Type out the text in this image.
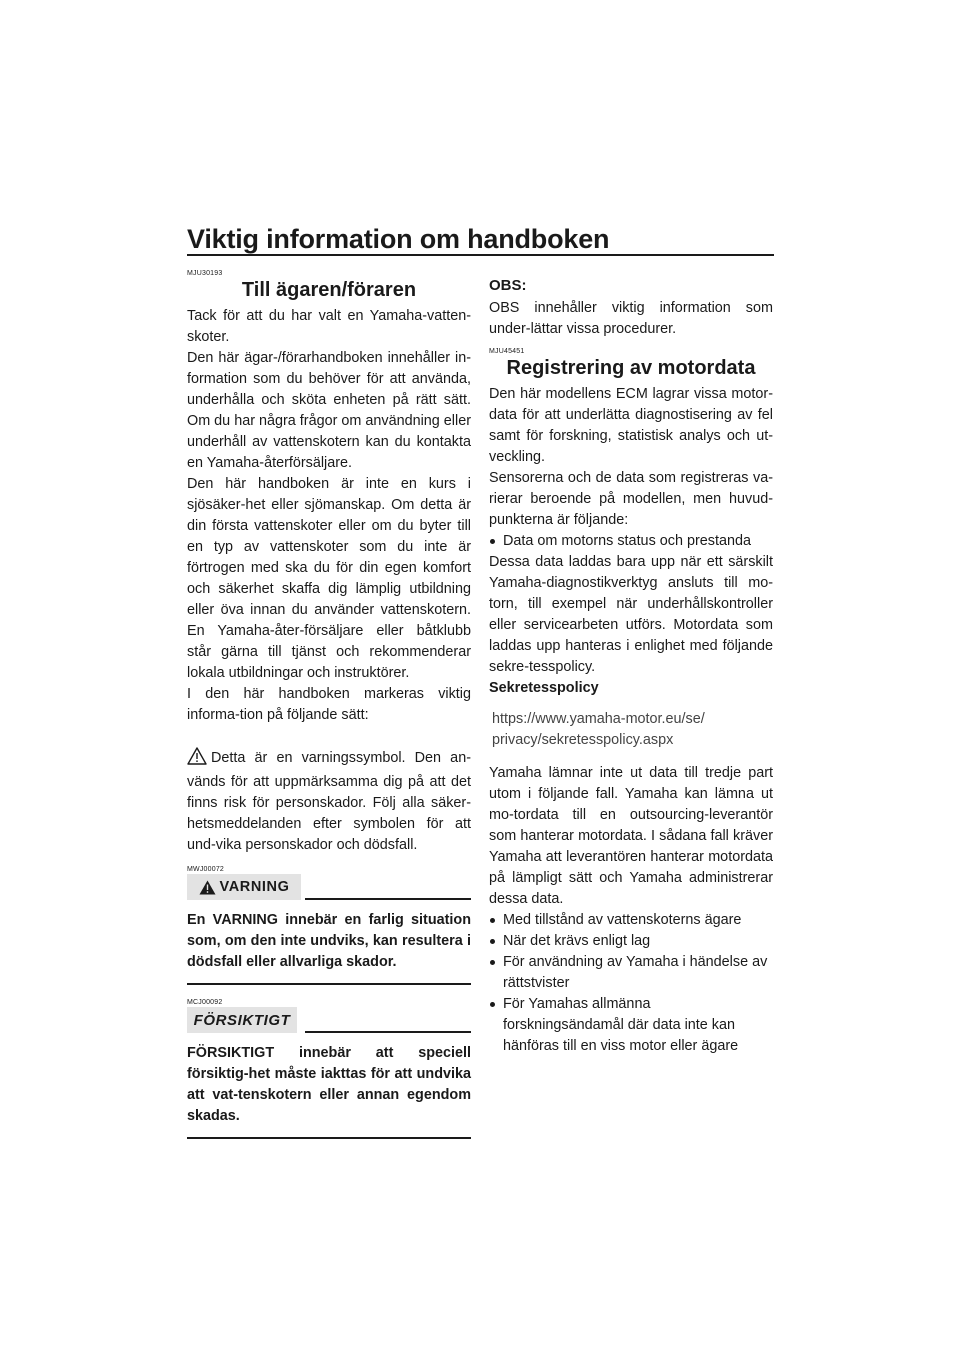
Viktig information om handboken
MJU30193
Till ägaren/föraren

Tack för att du har valt en Yamaha-vatten-skoter.

Den här ägar-/förarhandboken innehåller in-formation som du behöver för att använda, underhålla och sköta enheten på rätt sätt. Om du har några frågor om användning eller underhåll av vattenskotern kan du kontakta en Yamaha-återförsäljare.

Den här handboken är inte en kurs i sjösäker-het eller sjömanskap. Om detta är din första vattenskoter eller om du byter till en typ av vattenskoter som du inte är förtrogen med ska du för din egen komfort och säkerhet skaffa dig lämplig utbildning eller öva innan du använder vattenskotern. En Yamaha-åter-försäljare eller båtklubb står gärna till tjänst och rekommenderar lokala utbildningar och instruktörer.

I den här handboken markeras viktig informa-tion på följande sätt:

Detta är en varningssymbol. Den an-vänds för att uppmärksamma dig på att det finns risk för personskador. Följ alla säker-hetsmeddelanden efter symbolen för att und-vika personskador och dödsfall.

MWJ00072
VARNING
En VARNING innebär en farlig situation som, om den inte undviks, kan resultera i dödsfall eller allvarliga skador.
MCJ00092
FÖRSIKTIGT
FÖRSIKTIGT innebär att speciell försiktig-het måste iakttas för att undvika att vat-tenskotern eller annan egendom skadas.
OBS:

OBS innehåller viktig information som under-lättar vissa procedurer.

MJU45451
Registrering av motordata

Den här modellens ECM lagrar vissa motor-data för att underlätta diagnostisering av fel samt för forskning, statistisk analys och ut-veckling.

Sensorerna och de data som registreras va-rierar beroende på modellen, men huvud-punkterna är följande:

Data om motorns status och prestanda

Dessa data laddas bara upp när ett särskilt Yamaha-diagnostikverktyg ansluts till mo-torn, till exempel när underhållskontroller eller servicearbeten utförs. Motordata som laddas upp hanteras i enlighet med följande sekre-tesspolicy.

Sekretesspolicy

https://www.yamaha-motor.eu/se/
privacy/sekretesspolicy.aspx

Yamaha lämnar inte ut data till tredje part utom i följande fall. Yamaha kan lämna ut mo-tordata till en outsourcing-leverantör som hanterar motordata. I sådana fall kräver Yamaha att leverantören hanterar motordata på lämpligt sätt och Yamaha administrerar dessa data.

Med tillstånd av vattenskoterns ägare
När det krävs enligt lag
För användning av Yamaha i händelse av rättstvister
För Yamahas allmänna forskningsändamål där data inte kan hänföras till en viss motor eller ägare
